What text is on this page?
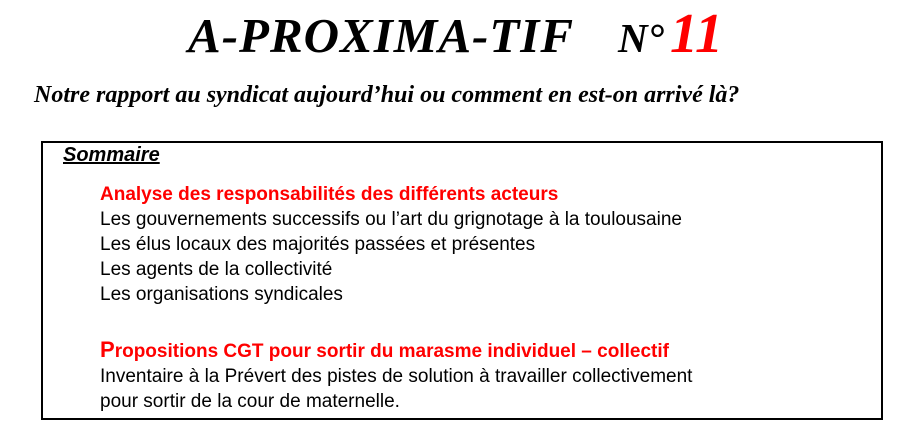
A-PROXIMA-TIF N° 11
Notre rapport au syndicat aujourd’hui ou comment en est-on arrivé là?
Sommaire
Analyse des responsabilités des différents acteurs
Les gouvernements successifs ou l’art du grignotage à la toulousaine
Les élus locaux des majorités passées et présentes
Les agents de la collectivité
Les organisations syndicales
Propositions CGT pour sortir du marasme individuel – collectif
Inventaire à la Prévert des pistes de solution à travailler collectivement
pour sortir de la cour de maternelle.
